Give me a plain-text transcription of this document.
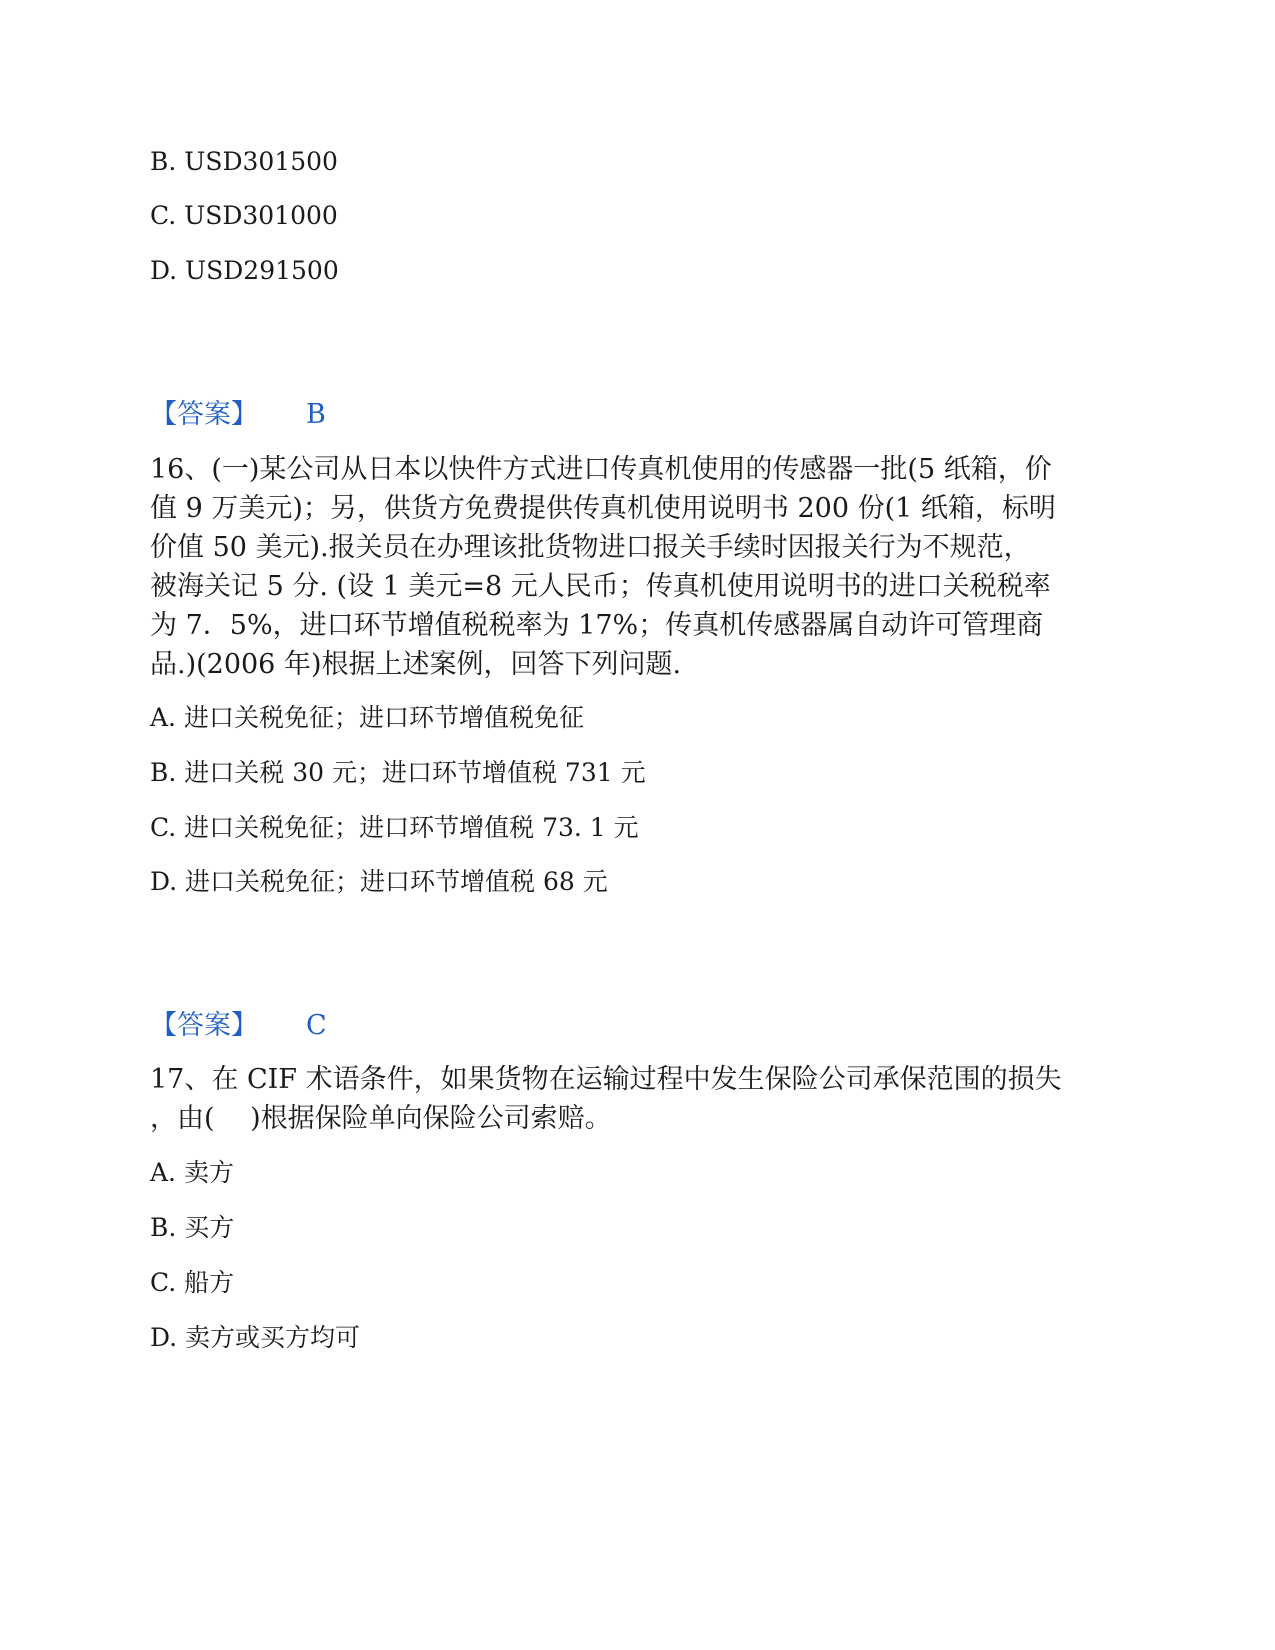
B. USD301500
C. USD301000
D. USD291500
【答案】 B
16、(一)某公司从日本以快件方式进口传真机使用的传感器一批(5 纸箱，价
值 9 万美元)；另，供货方免费提供传真机使用说明书 200 份(1 纸箱，标明
价值 50 美元).报关员在办理该批货物进口报关手续时因报关行为不规范，
被海关记 5 分. (设 1 美元=8 元人民币；传真机使用说明书的进口关税税率
为 7．5%，进口环节增值税税率为 17%；传真机传感器属自动许可管理商
品.)(2006 年)根据上述案例，回答下列问题.
A. 进口关税免征；进口环节增值税免征
B. 进口关税 30 元；进口环节增值税 731 元
C. 进口关税免征；进口环节增值税 73. 1 元
D. 进口关税免征；进口环节增值税 68 元
【答案】 C
17、在 CIF 术语条件，如果货物在运输过程中发生保险公司承保范围的损失
，由(　 )根据保险单向保险公司索赔。
A. 卖方
B. 买方
C. 船方
D. 卖方或买方均可
